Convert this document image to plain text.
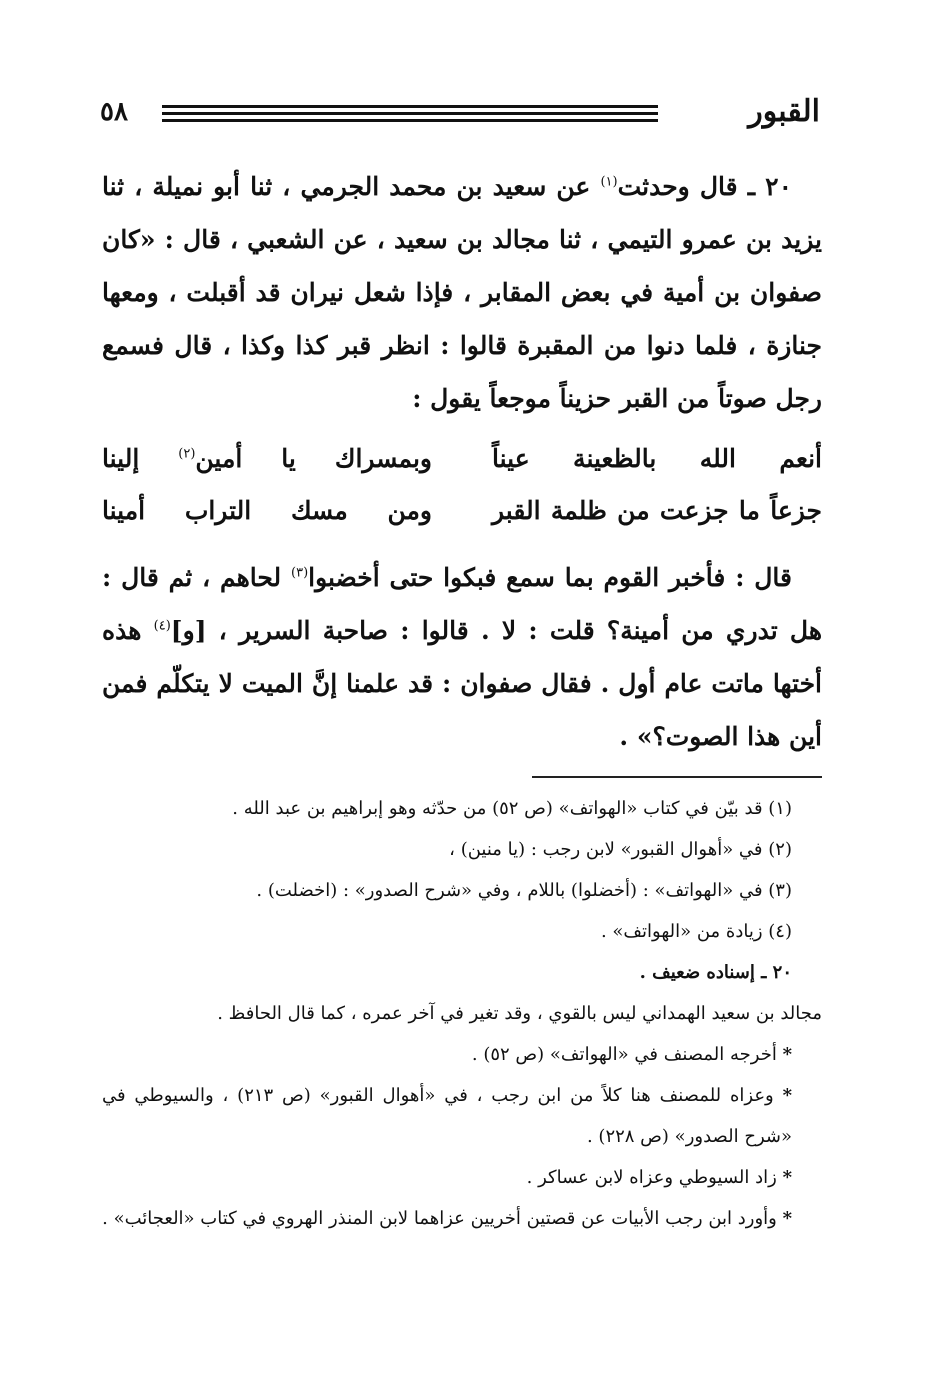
القبور
٥٨
٢٠ ـ قال وحدثت$^{(١)}$ عن سعيد بن محمد الجرمي ، ثنا أبو نميلة ، ثنا يزيد بن عمرو التيمي ، ثنا مجالد بن سعيد ، عن الشعبي ، قال : «كان صفوان بن أمية في بعض المقابر ، فإذا شعل نيران قد أقبلت ، ومعها جنازة ، فلما دنوا من المقبرة قالوا : انظر قبر كذا وكذا ، قال فسمع رجل صوتاً من القبر حزيناً موجعاً يقول :
أنعم الله بالظعينة عيناً
وبمسراك يا أمين$^{(٢)}$ إلينا
جزعاً ما جزعت من ظلمة القبر
ومن مسك التراب أمينا
قال : فأخبر القوم بما سمع فبكوا حتى أخضبوا$^{(٣)}$ لحاهم ، ثم قال : هل تدري من أمينة؟ قلت : لا . قالوا : صاحبة السرير ، [و]$^{(٤)}$ هذه أختها ماتت عام أول . فقال صفوان : قد علمنا إنَّ الميت لا يتكلّم فمن أين هذا الصوت؟» .

(١) قد بيّن في كتاب «الهواتف» (ص ٥٢) من حدّثه وهو إبراهيم بن عبد الله .

(٢) في «أهوال القبور» لابن رجب : (يا منين) ،

(٣) في «الهواتف» : (أخضلوا) باللام ، وفي «شرح الصدور» : (اخضلت) .

(٤) زيادة من «الهواتف» .

٢٠ ـ إسناده ضعيف .

مجالد بن سعيد الهمداني ليس بالقوي ، وقد تغير في آخر عمره ، كما قال الحافظ .

* أخرجه المصنف في «الهواتف» (ص ٥٢) .

* وعزاه للمصنف هنا كلاً من ابن رجب ، في «أهوال القبور» (ص ٢١٣) ، والسيوطي في «شرح الصدور» (ص ٢٢٨) .

* زاد السيوطي وعزاه لابن عساكر .

* وأورد ابن رجب الأبيات عن قصتين أخريين عزاهما لابن المنذر الهروي في كتاب «العجائب» .
